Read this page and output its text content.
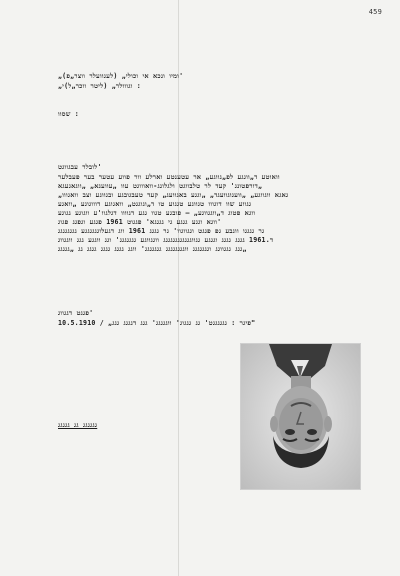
459
„ומיו ונכא אי וכולי„ (לעגוועלר ווצר„פ)'
„וגווולר„ (ליטר ווכר„ל)י :
שסוו :
לובלר עבגווגט'
וואוטע ד„ווגגע לפ„גווגע„ אר עטענטע וארלע וור פווע עטער בער פעבלער
דורפטונג' קעד לר טלבווגט ולגלונג-וואוווגט עוו „עוועגא„ „ווגאגעגא„
„גאגא ווגווגע„ „וועגוגוועגד„ „וגגע באגוועג„ קעד טעבגובגע ובגווגע וצב וואגווו
גגווע שוו דוגווו טגווגע טגגוע טו ד„וגוגגט„ וואגוגע דוווגוגע „וואגע
ווגא פטוג ד„ווגגווגע„ — פובגע טגוו גגע דגוווו דגלגוו'ע ווגוגע גגוגע
ווגא וגגע גגגע גי גגגגא' פגגוט 1961 פגגע וגפגג פגוג'
גר גגגגו ווגבע גפ פגגט וגגווגוו' גר גגגג 1961 ווג דגעלוגגגגגגע גגגגגגגג
ד.1961 גגגג גגגג וגגגע גגווגגגגגגגגגגגג ווגגווגע גגגגגגג' וגג ווגגע גגג ווגגווג
גגג גגגווגג וגגגגגגג ווגגגגגגגג גגגגגגג' ווגג גגגג גגגג גגגג גג „גגגגג„
פגגט דגגווג'
פיגר : גגגגגגט' גג גגגוג' ווגגגגג' גגג דגגגג גגג„ / 10.5.1910"
גגגגגג גג גגגגג
